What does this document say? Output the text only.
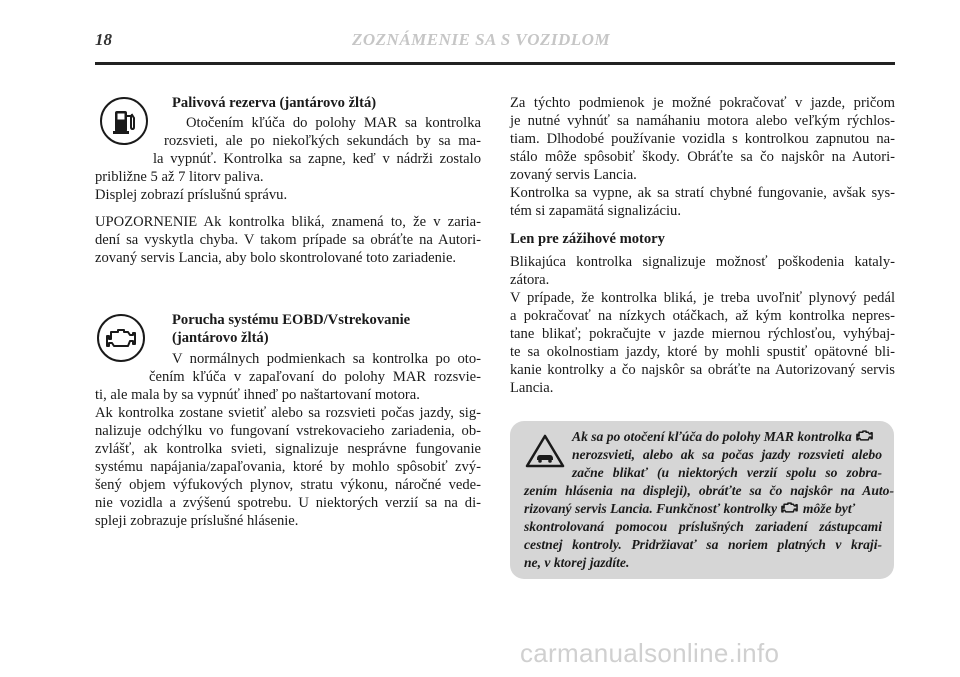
18	ZOZNÁMENIE SA S VOZIDLOM
Palivová rezerva (jantárovo žltá)
Otočením kľúča do polohy MAR sa kontrolka
rozsvieti, ale po niekoľkých sekundách by sa ma-
la vypnúť. Kontrolka sa zapne, keď v nádrži zostalo
približne 5 až 7 litorv paliva.
Displej zobrazí príslušnú správu.
UPOZORNENIE Ak kontrolka bliká, znamená to, že v zaria-
dení sa vyskytla chyba. V takom prípade sa obráťte na Autori-
zovaný servis Lancia, aby bolo skontrolované toto zariadenie.
Porucha systému EOBD/Vstrekovanie
(jantárovo žltá)
V normálnych podmienkach sa kontrolka po oto-
čením kľúča v zapaľovaní do polohy MAR rozsvie-
ti, ale mala by sa vypnúť ihneď po naštartovaní motora.
Ak kontrolka zostane svietiť alebo sa rozsvieti počas jazdy, sig-
nalizuje odchýlku vo fungovaní vstrekovacieho zariadenia, ob-
zvlášť, ak kontrolka svieti, signalizuje nesprávne fungovanie
systému napájania/zapaľovania, ktoré by mohlo spôsobiť zvý-
šený objem výfukových plynov, stratu výkonu, náročné vede-
nie vozidla a zvýšenú spotrebu. U niektorých verzií sa na di-
spleji zobrazuje príslušné hlásenie.
Za týchto podmienok je možné pokračovať v jazde, pričom
je nutné vyhnúť sa namáhaniu motora alebo veľkým rýchlos-
tiam. Dlhodobé používanie vozidla s kontrolkou zapnutou na-
stálo môže spôsobiť škody. Obráťte sa čo najskôr na Autori-
zovaný servis Lancia.
Kontrolka sa vypne, ak sa stratí chybné fungovanie, avšak sys-
tém si zapamätá signalizáciu.
Len pre zážihové motory
Blikajúca kontrolka signalizuje možnosť poškodenia kataly-
zátora.
V prípade, že kontrolka bliká, je treba uvoľniť plynový pedál
a pokračovať na nízkych otáčkach, až kým kontrolka nepres-
tane blikať; pokračujte v jazde miernou rýchlosťou, vyhýbaj-
te sa okolnostiam jazdy, ktoré by mohli spustiť opätovné bli-
kanie kontrolky a čo najskôr sa obráťte na Autorizovaný servis
Lancia.
Ak sa po otočení kľúča do polohy MAR kontrolka
nerozsvieti, alebo ak sa počas jazdy rozsvieti alebo
začne blikať (u niektorých verzií spolu so zobra-
zením hlásenia na displeji), obráťte sa čo najskôr na Auto-
rizovaný servis Lancia. Funkčnosť kontrolky môže byť
skontrolovaná pomocou príslušných zariadení zástupcami
cestnej kontroly. Pridržiavať sa noriem platných v kraji-
ne, v ktorej jazdíte.
carmanualsonline.info
